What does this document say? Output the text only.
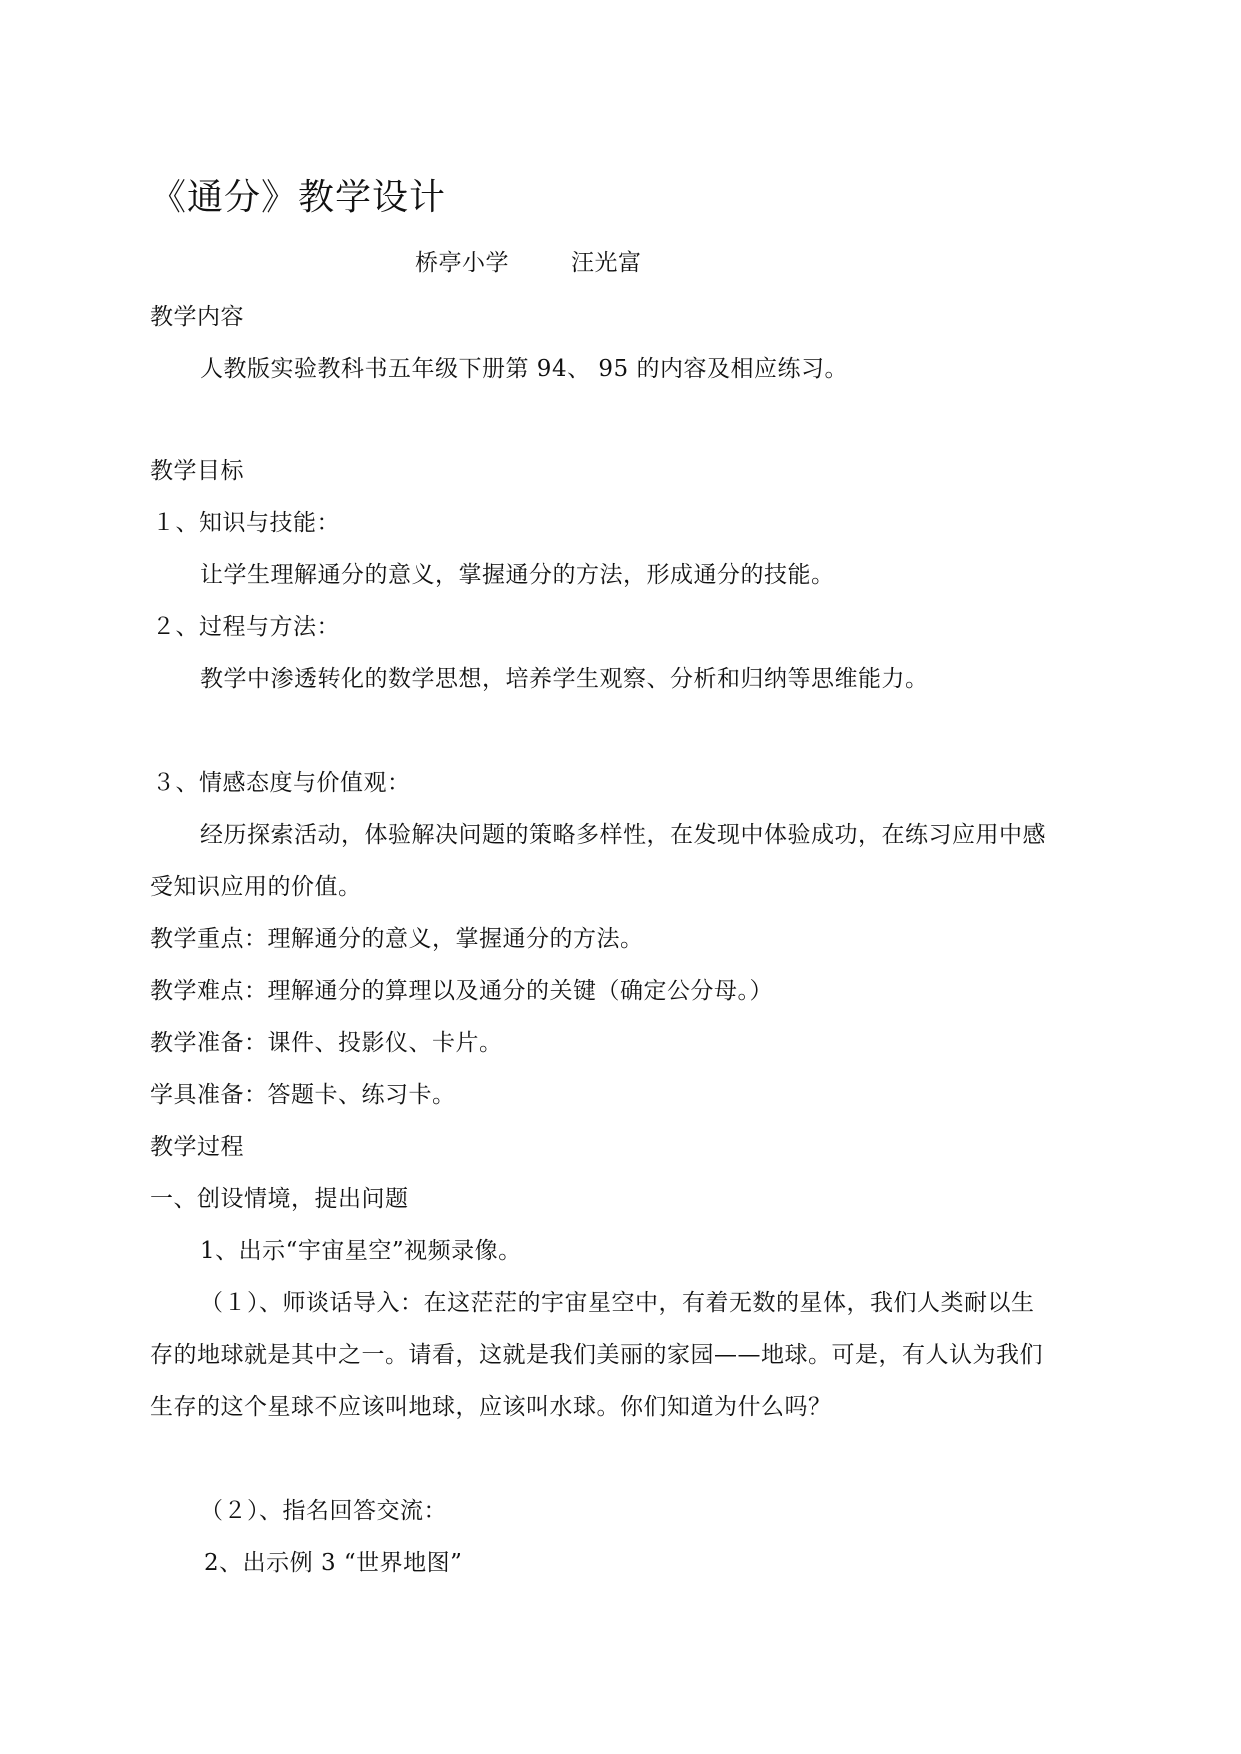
《通分》教学设计
桥亭小学	汪光富
教学内容
人教版实验教科书五年级下册第 94、 95 的内容及相应练习。
教学目标
１、知识与技能：
让学生理解通分的意义，掌握通分的方法，形成通分的技能。
２、过程与方法：
教学中渗透转化的数学思想，培养学生观察、分析和归纳等思维能力。
３、情感态度与价值观：
经历探索活动，体验解决问题的策略多样性，在发现中体验成功，在练习应用中感
受知识应用的价值。
教学重点：理解通分的意义，掌握通分的方法。
教学难点：理解通分的算理以及通分的关键（确定公分母。）
教学准备：课件、投影仪、卡片。
学具准备：答题卡、练习卡。
教学过程
一、创设情境，提出问题
1、出示“宇宙星空”视频录像。
（１）、师谈话导入：在这茫茫的宇宙星空中，有着无数的星体，我们人类耐以生
存的地球就是其中之一。请看，这就是我们美丽的家园——地球。可是，有人认为我们
生存的这个星球不应该叫地球，应该叫水球。你们知道为什么吗？
（２）、指名回答交流：
2、出示例 3 “世界地图”
